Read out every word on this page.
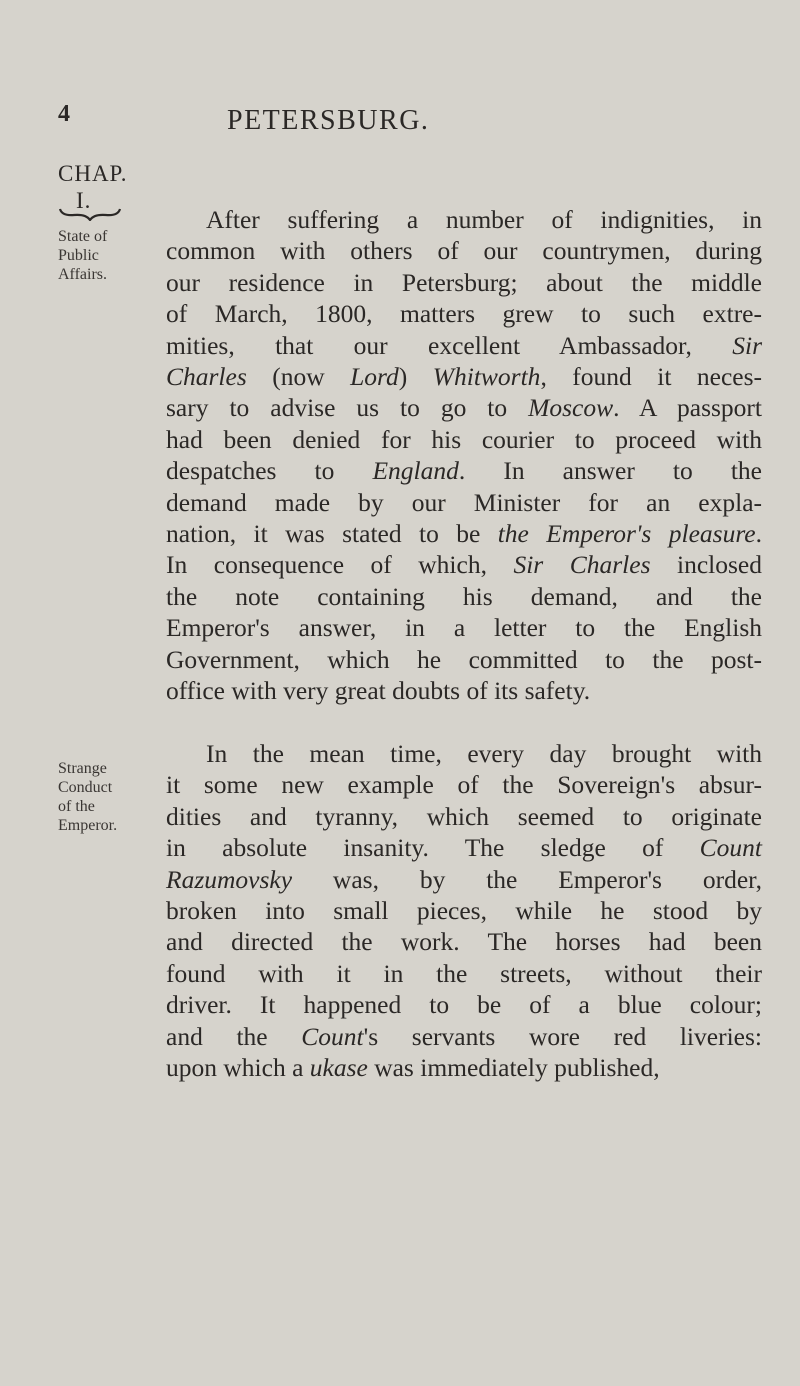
4	PETERSBURG.
CHAP.
I.
State of
Public
Affairs.
Strange
Conduct
of the
Emperor.
After suffering a number of indignities, in
common with others of our countrymen, during
our residence in Petersburg; about the middle
of March, 1800, matters grew to such extre-
mities, that our excellent Ambassador, Sir
Charles (now Lord) Whitworth, found it neces-
sary to advise us to go to Moscow. A passport
had been denied for his courier to proceed with
despatches to England. In answer to the
demand made by our Minister for an expla-
nation, it was stated to be the Emperor's pleasure.
In consequence of which, Sir Charles inclosed
the note containing his demand, and the
Emperor's answer, in a letter to the English
Government, which he committed to the post-
office with very great doubts of its safety.
In the mean time, every day brought with
it some new example of the Sovereign's absur-
dities and tyranny, which seemed to originate
in absolute insanity. The sledge of Count
Razumovsky was, by the Emperor's order,
broken into small pieces, while he stood by
and directed the work. The horses had been
found with it in the streets, without their
driver. It happened to be of a blue colour;
and the Count's servants wore red liveries:
upon which a ukase was immediately published,
